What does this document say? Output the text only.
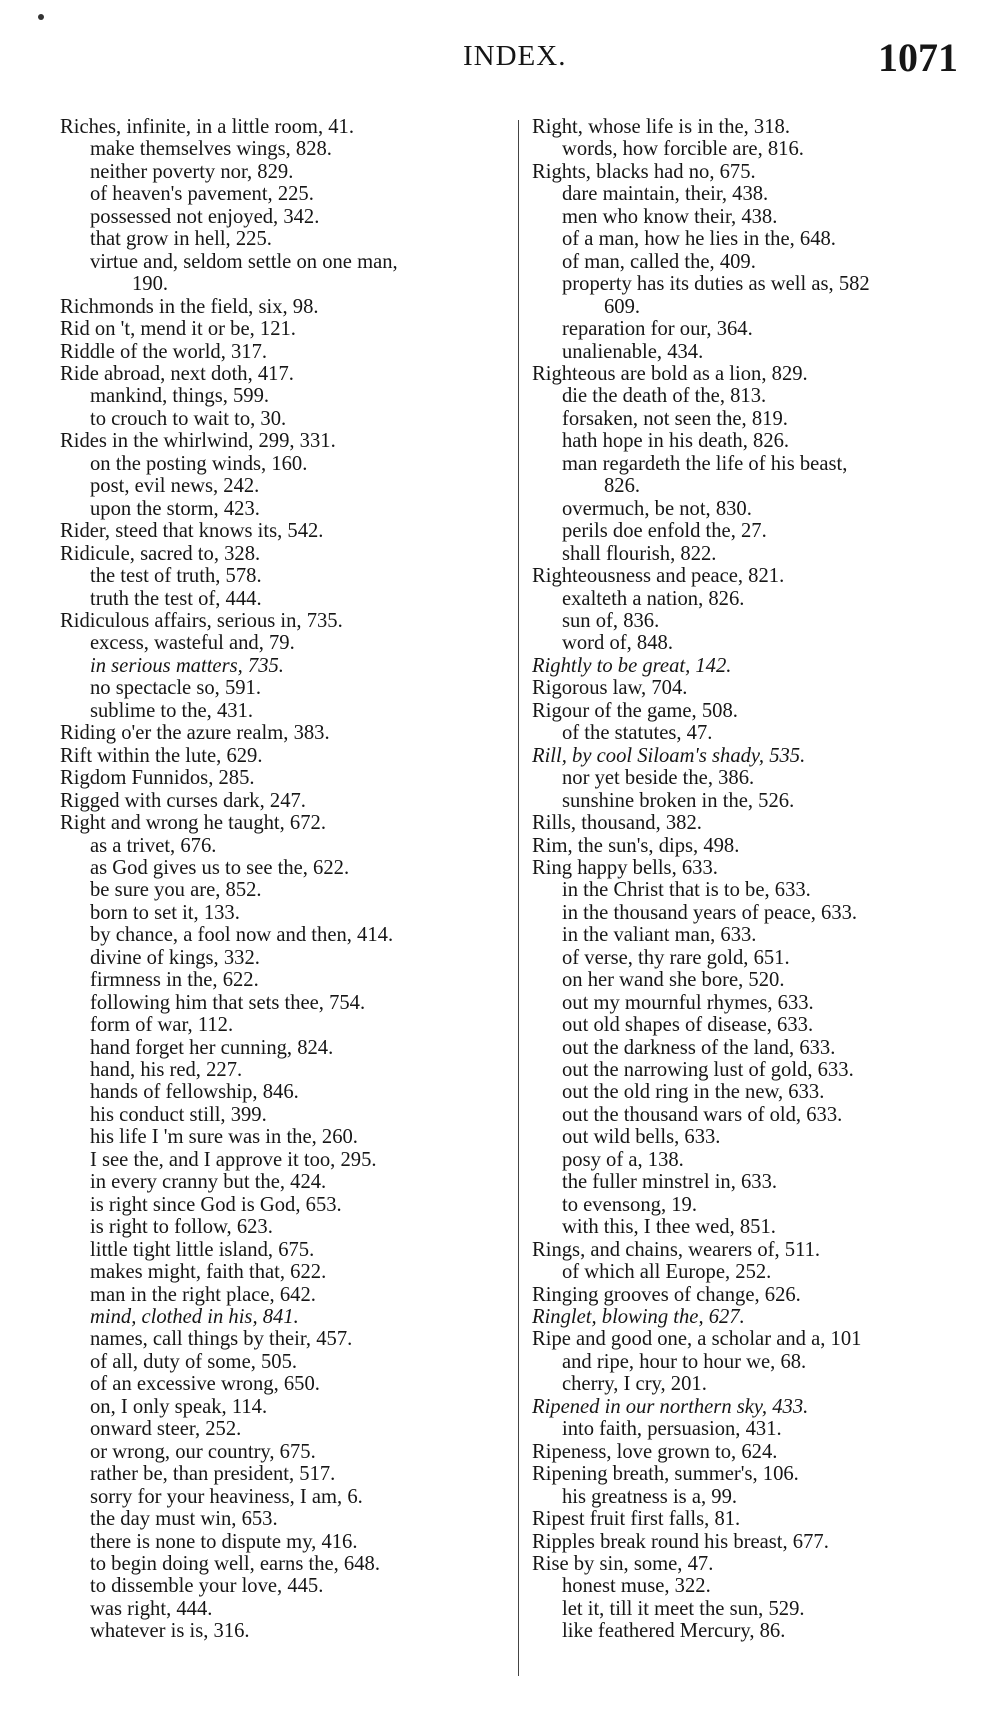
INDEX.	1071
Riches, infinite, in a little room, 41.
make themselves wings, 828.
neither poverty nor, 829.
of heaven's pavement, 225.
possessed not enjoyed, 342.
that grow in hell, 225.
virtue and, seldom settle on one man,
190.
Richmonds in the field, six, 98.
Rid on 't, mend it or be, 121.
Riddle of the world, 317.
Ride abroad, next doth, 417.
mankind, things, 599.
to crouch to wait to, 30.
Rides in the whirlwind, 299, 331.
on the posting winds, 160.
post, evil news, 242.
upon the storm, 423.
Rider, steed that knows its, 542.
Ridicule, sacred to, 328.
the test of truth, 578.
truth the test of, 444.
Ridiculous affairs, serious in, 735.
excess, wasteful and, 79.
in serious matters, 735.
no spectacle so, 591.
sublime to the, 431.
Riding o'er the azure realm, 383.
Rift within the lute, 629.
Rigdom Funnidos, 285.
Rigged with curses dark, 247.
Right and wrong he taught, 672.
as a trivet, 676.
as God gives us to see the, 622.
be sure you are, 852.
born to set it, 133.
by chance, a fool now and then, 414.
divine of kings, 332.
firmness in the, 622.
following him that sets thee, 754.
form of war, 112.
hand forget her cunning, 824.
hand, his red, 227.
hands of fellowship, 846.
his conduct still, 399.
his life I 'm sure was in the, 260.
I see the, and I approve it too, 295.
in every cranny but the, 424.
is right since God is God, 653.
is right to follow, 623.
little tight little island, 675.
makes might, faith that, 622.
man in the right place, 642.
mind, clothed in his, 841.
names, call things by their, 457.
of all, duty of some, 505.
of an excessive wrong, 650.
on, I only speak, 114.
onward steer, 252.
or wrong, our country, 675.
rather be, than president, 517.
sorry for your heaviness, I am, 6.
the day must win, 653.
there is none to dispute my, 416.
to begin doing well, earns the, 648.
to dissemble your love, 445.
was right, 444.
whatever is is, 316.
Right, whose life is in the, 318.
words, how forcible are, 816.
Rights, blacks had no, 675.
dare maintain, their, 438.
men who know their, 438.
of a man, how he lies in the, 648.
of man, called the, 409.
property has its duties as well as, 582
609.
reparation for our, 364.
unalienable, 434.
Righteous are bold as a lion, 829.
die the death of the, 813.
forsaken, not seen the, 819.
hath hope in his death, 826.
man regardeth the life of his beast,
826.
overmuch, be not, 830.
perils doe enfold the, 27.
shall flourish, 822.
Righteousness and peace, 821.
exalteth a nation, 826.
sun of, 836.
word of, 848.
Rightly to be great, 142.
Rigorous law, 704.
Rigour of the game, 508.
of the statutes, 47.
Rill, by cool Siloam's shady, 535.
nor yet beside the, 386.
sunshine broken in the, 526.
Rills, thousand, 382.
Rim, the sun's, dips, 498.
Ring happy bells, 633.
in the Christ that is to be, 633.
in the thousand years of peace, 633.
in the valiant man, 633.
of verse, thy rare gold, 651.
on her wand she bore, 520.
out my mournful rhymes, 633.
out old shapes of disease, 633.
out the darkness of the land, 633.
out the narrowing lust of gold, 633.
out the old ring in the new, 633.
out the thousand wars of old, 633.
out wild bells, 633.
posy of a, 138.
the fuller minstrel in, 633.
to evensong, 19.
with this, I thee wed, 851.
Rings, and chains, wearers of, 511.
of which all Europe, 252.
Ringing grooves of change, 626.
Ringlet, blowing the, 627.
Ripe and good one, a scholar and a, 101
and ripe, hour to hour we, 68.
cherry, I cry, 201.
Ripened in our northern sky, 433.
into faith, persuasion, 431.
Ripeness, love grown to, 624.
Ripening breath, summer's, 106.
his greatness is a, 99.
Ripest fruit first falls, 81.
Ripples break round his breast, 677.
Rise by sin, some, 47.
honest muse, 322.
let it, till it meet the sun, 529.
like feathered Mercury, 86.
